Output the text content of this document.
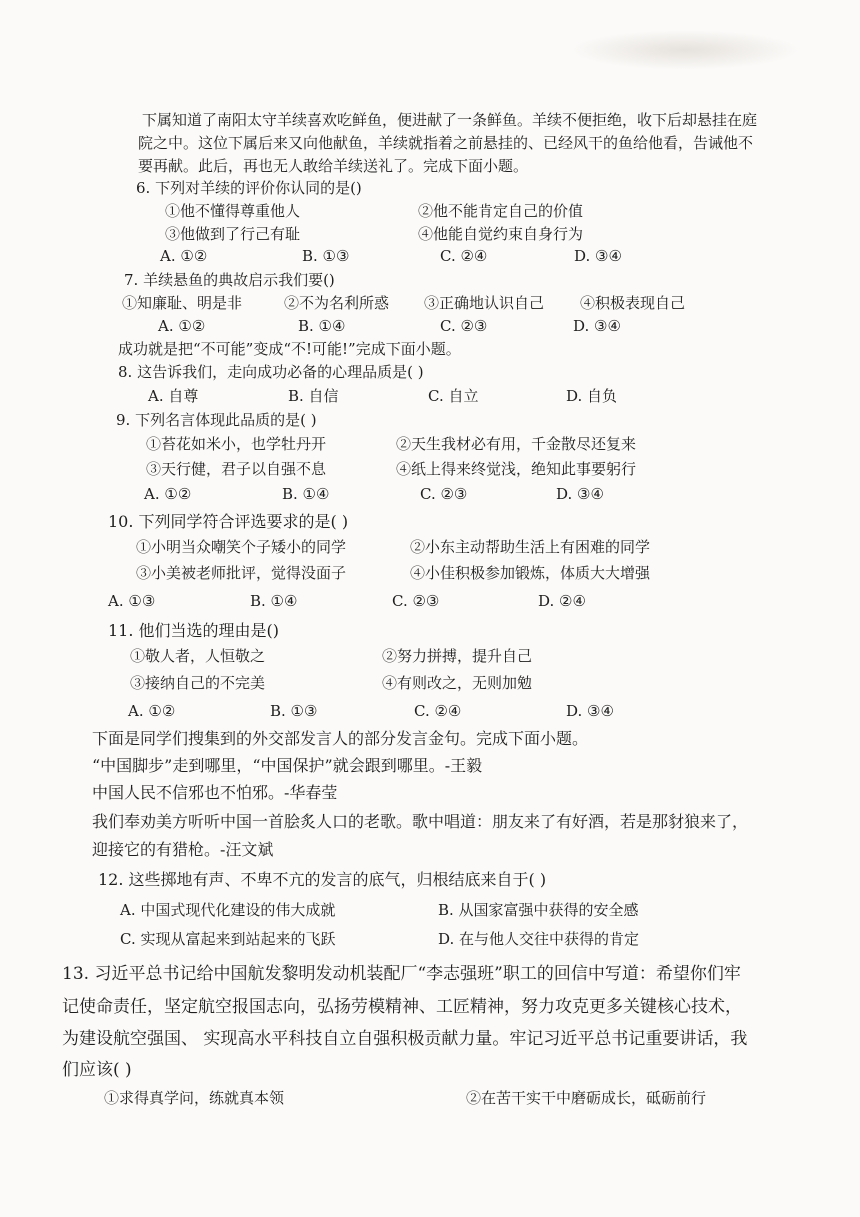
下属知道了南阳太守羊续喜欢吃鲜鱼，便进献了一条鲜鱼。羊续不便拒绝，收下后却悬挂在庭
院之中。这位下属后来又向他献鱼，羊续就指着之前悬挂的、已经风干的鱼给他看，告诫他不
要再献。此后，再也无人敢给羊续送礼了。完成下面小题。
6. 下列对羊续的评价你认同的是()
①他不懂得尊重他人	②他不能肯定自己的价值
③他做到了行己有耻	④他能自觉约束自身行为
A. ①②	B. ①③	C. ②④	D. ③④
7. 羊续悬鱼的典故启示我们要()
①知廉耻、明是非	②不为名利所惑 ③正确地认识自己 ④积极表现自己
A. ①②	B. ①④	C. ②③	D. ③④
成功就是把“不可能”变成“不!可能!”完成下面小题。
8. 这告诉我们，走向成功必备的心理品质是( )
A. 自尊	B. 自信	C. 自立	D. 自负
9. 下列名言体现此品质的是( )
①苔花如米小，也学牡丹开	②天生我材必有用，千金散尽还复来
③天行健，君子以自强不息	④纸上得来终觉浅，绝知此事要躬行
A. ①②	B. ①④	C. ②③	D. ③④
10. 下列同学符合评选要求的是( )
①小明当众嘲笑个子矮小的同学	②小东主动帮助生活上有困难的同学
③小美被老师批评，觉得没面子	④小佳积极参加锻炼，体质大大增强
A. ①③	B. ①④	C. ②③	D. ②④
11. 他们当选的理由是()
①敬人者，人恒敬之	②努力拼搏，提升自己
③接纳自己的不完美	④有则改之，无则加勉
A. ①②	B. ①③	C. ②④	D. ③④
下面是同学们搜集到的外交部发言人的部分发言金句。完成下面小题。
“中国脚步”走到哪里，“中国保护”就会跟到哪里。-王毅
中国人民不信邪也不怕邪。-华春莹
我们奉劝美方听听中国一首脍炙人口的老歌。歌中唱道：朋友来了有好酒，若是那豺狼来了，
迎接它的有猎枪。-汪文斌
12. 这些掷地有声、不卑不亢的发言的底气，归根结底来自于( )
A. 中国式现代化建设的伟大成就	B. 从国家富强中获得的安全感
C. 实现从富起来到站起来的飞跃	D. 在与他人交往中获得的肯定
13. 习近平总书记给中国航发黎明发动机装配厂“李志强班”职工的回信中写道：希望你们牢
记使命责任，坚定航空报国志向，弘扬劳模精神、工匠精神，努力攻克更多关键核心技术，
为建设航空强国、 实现高水平科技自立自强积极贡献力量。牢记习近平总书记重要讲话，我
们应该( )
①求得真学问，练就真本领	②在苦干实干中磨砺成长，砥砺前行
